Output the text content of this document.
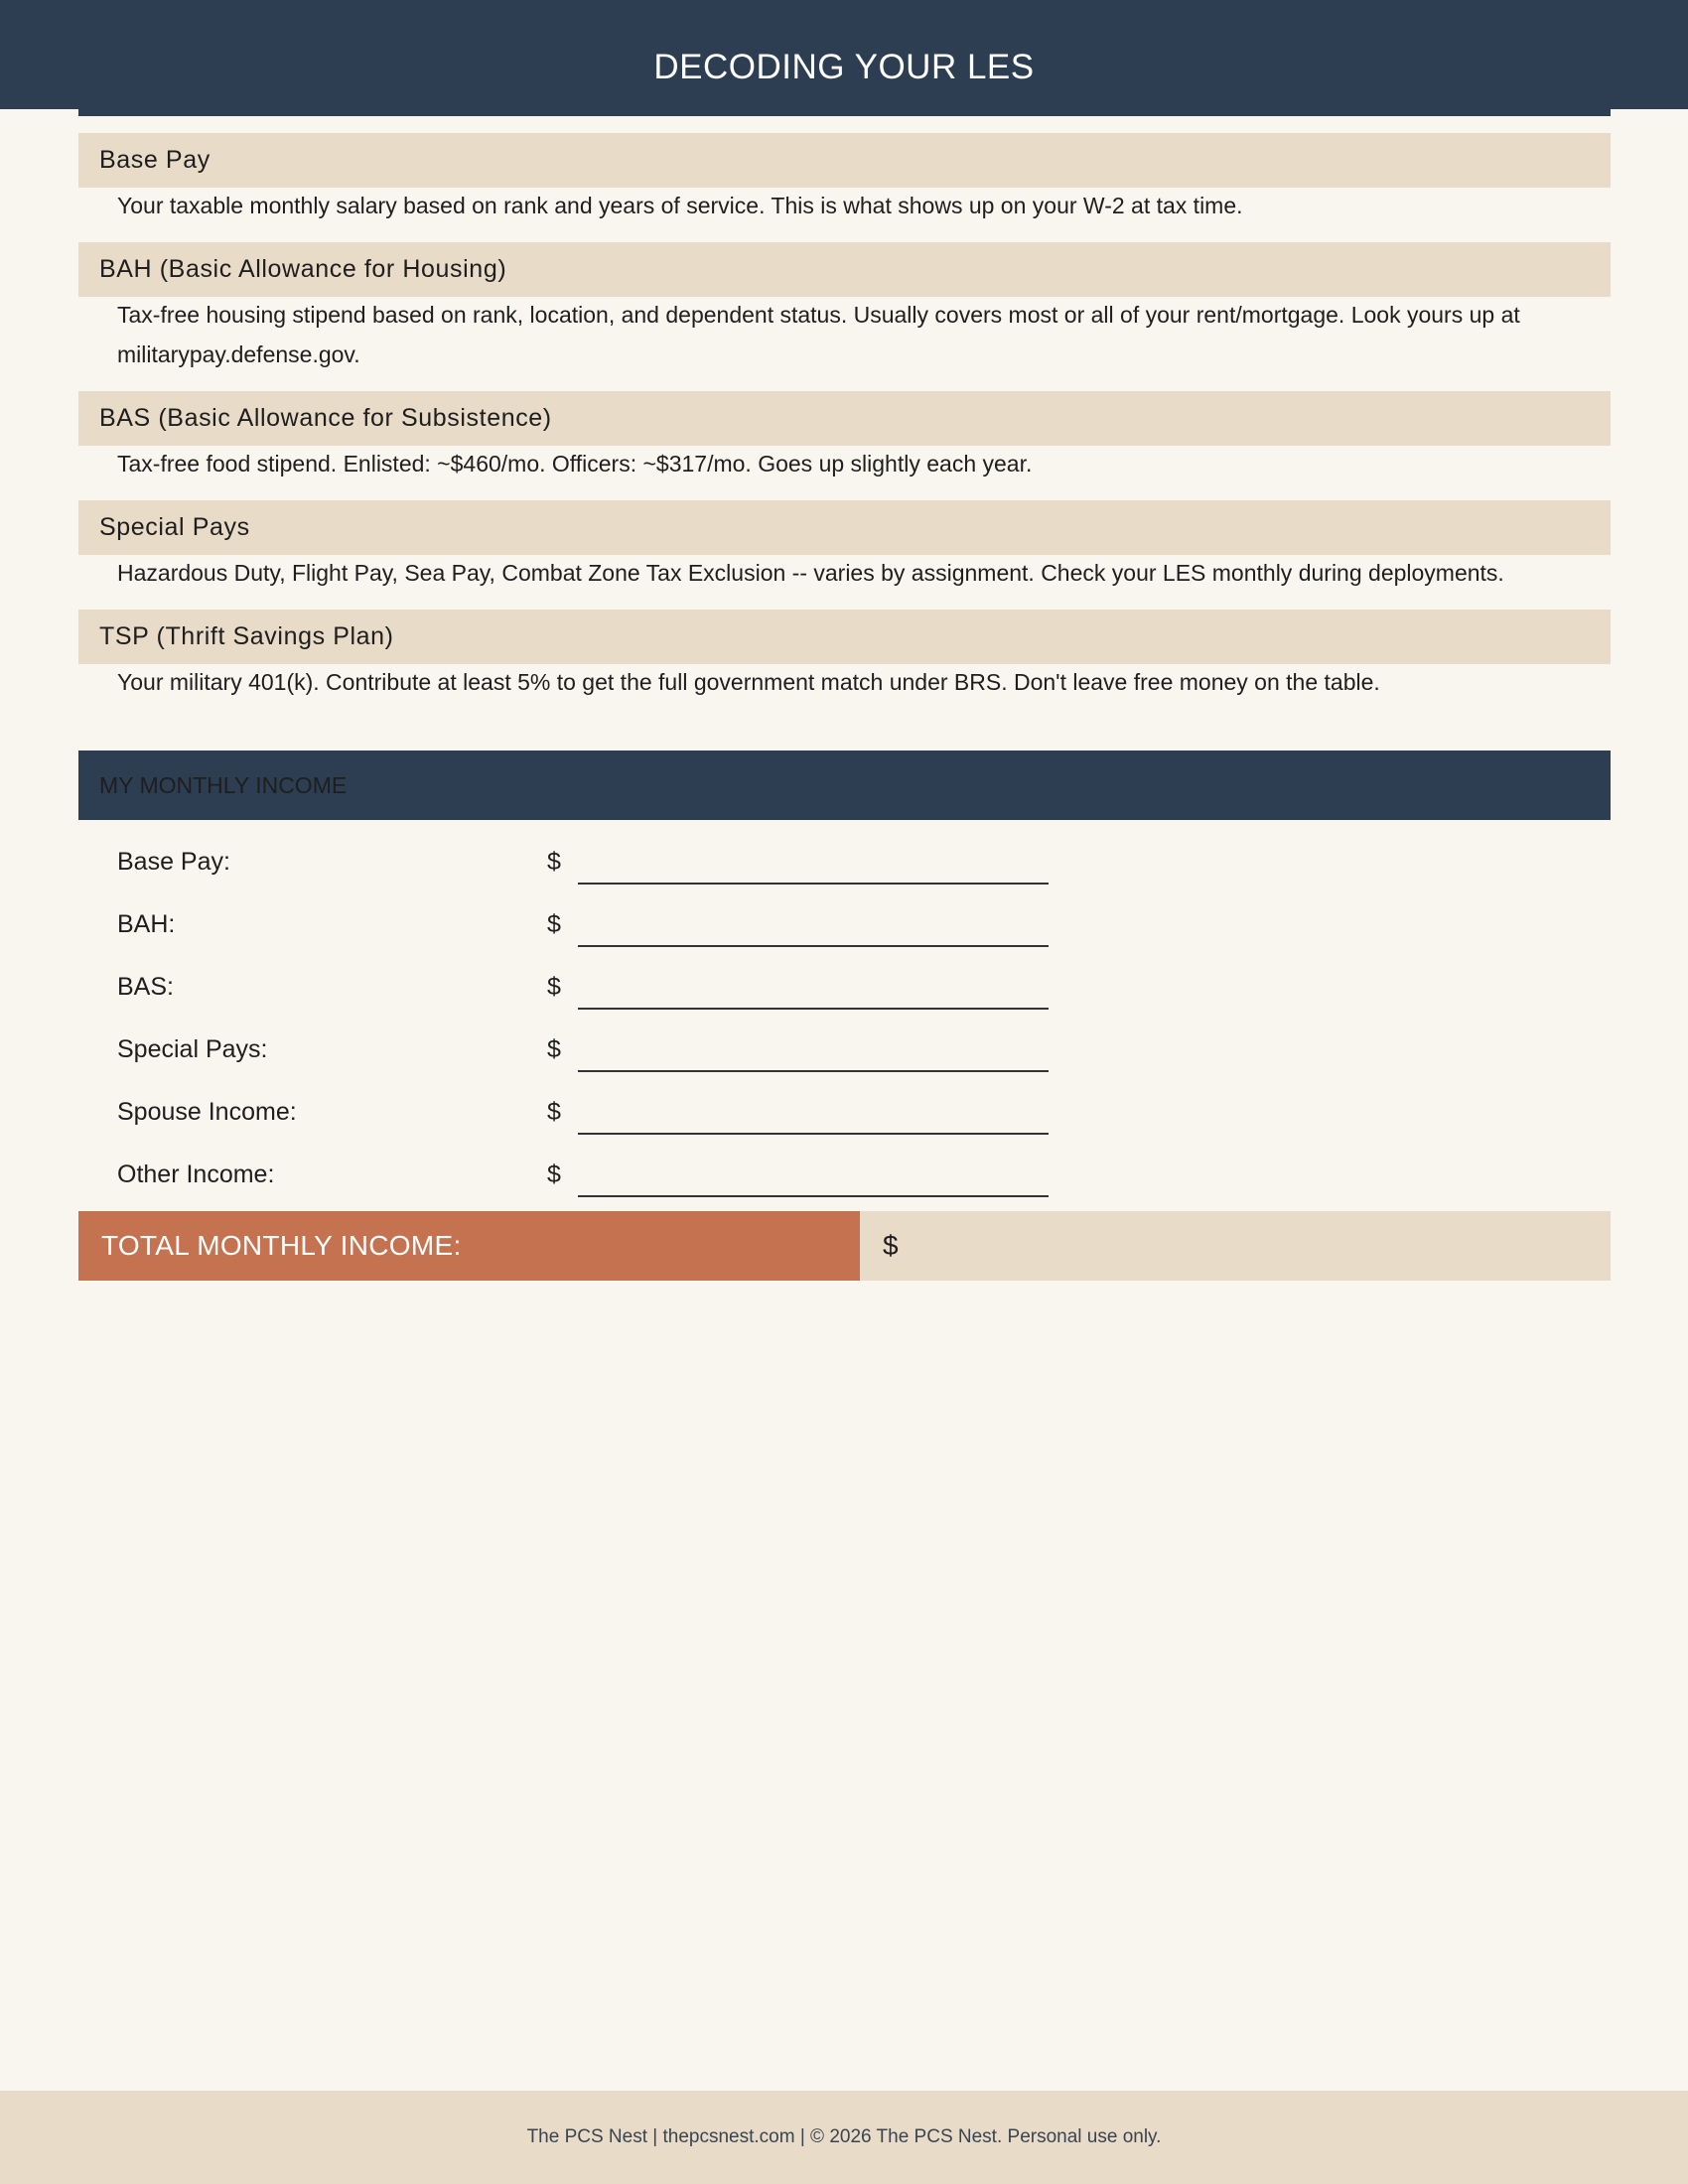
DECODING YOUR LES
Base Pay
Your taxable monthly salary based on rank and years of service. This is what shows up on your W-2 at tax time.
BAH (Basic Allowance for Housing)
Tax-free housing stipend based on rank, location, and dependent status. Usually covers most or all of your rent/mortgage. Look yours up at
militarypay.defense.gov.
BAS (Basic Allowance for Subsistence)
Tax-free food stipend. Enlisted: ~$460/mo. Officers: ~$317/mo. Goes up slightly each year.
Special Pays
Hazardous Duty, Flight Pay, Sea Pay, Combat Zone Tax Exclusion -- varies by assignment. Check your LES monthly during deployments.
TSP (Thrift Savings Plan)
Your military 401(k). Contribute at least 5% to get the full government match under BRS. Don't leave free money on the table.
MY MONTHLY INCOME
Base Pay:	$
BAH:	$
BAS:	$
Special Pays:	$
Spouse Income:	$
Other Income:	$
TOTAL MONTHLY INCOME:	$
The PCS Nest | thepcsnest.com | © 2026 The PCS Nest. Personal use only.
